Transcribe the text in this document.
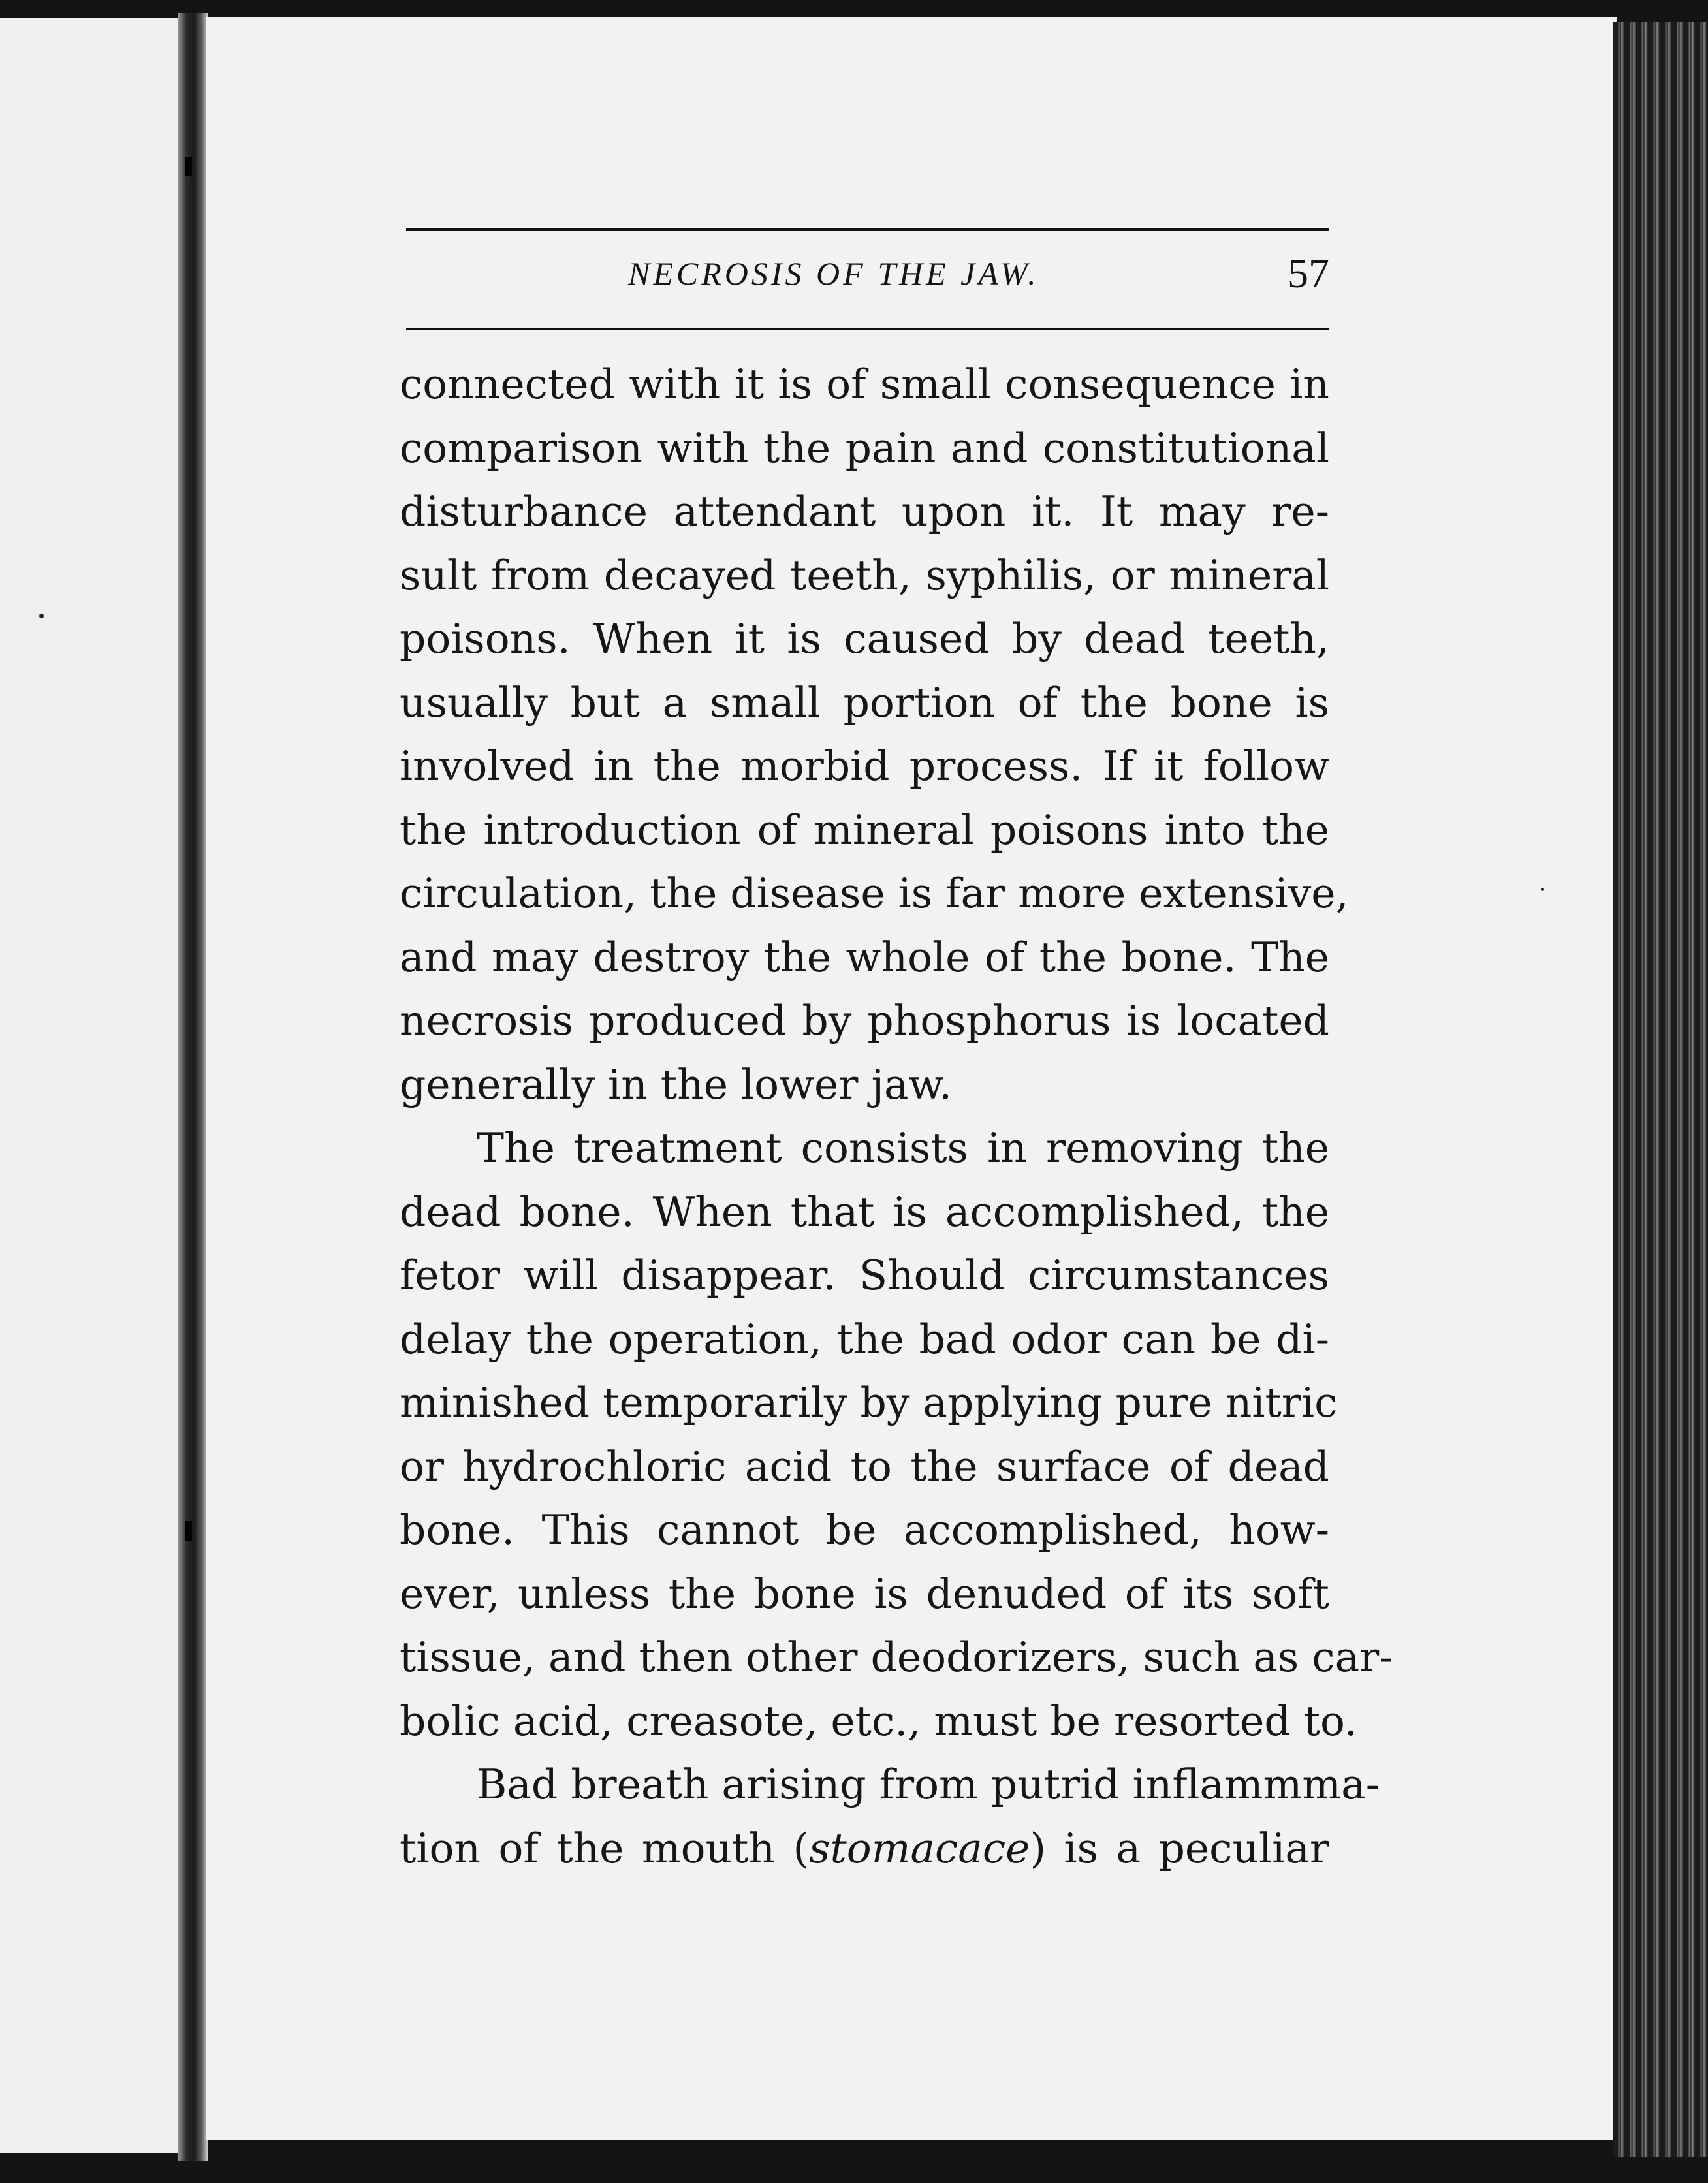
NECROSIS OF THE JAW.	57
connected with it is of small consequence in
comparison with the pain and constitutional
disturbance attendant upon it. It may re-
sult from decayed teeth, syphilis, or mineral
poisons. When it is caused by dead teeth,
usually but a small portion of the bone is
involved in the morbid process. If it follow
the introduction of mineral poisons into the
circulation, the disease is far more extensive,
and may destroy the whole of the bone. The
necrosis produced by phosphorus is located
generally in the lower jaw.
The treatment consists in removing the
dead bone. When that is accomplished, the
fetor will disappear. Should circumstances
delay the operation, the bad odor can be di-
minished temporarily by applying pure nitric
or hydrochloric acid to the surface of dead
bone. This cannot be accomplished, how-
ever, unless the bone is denuded of its soft
tissue, and then other deodorizers, such as car-
bolic acid, creasote, etc., must be resorted to.
Bad breath arising from putrid inflammma-
tion of the mouth (stomacace) is a peculiar
